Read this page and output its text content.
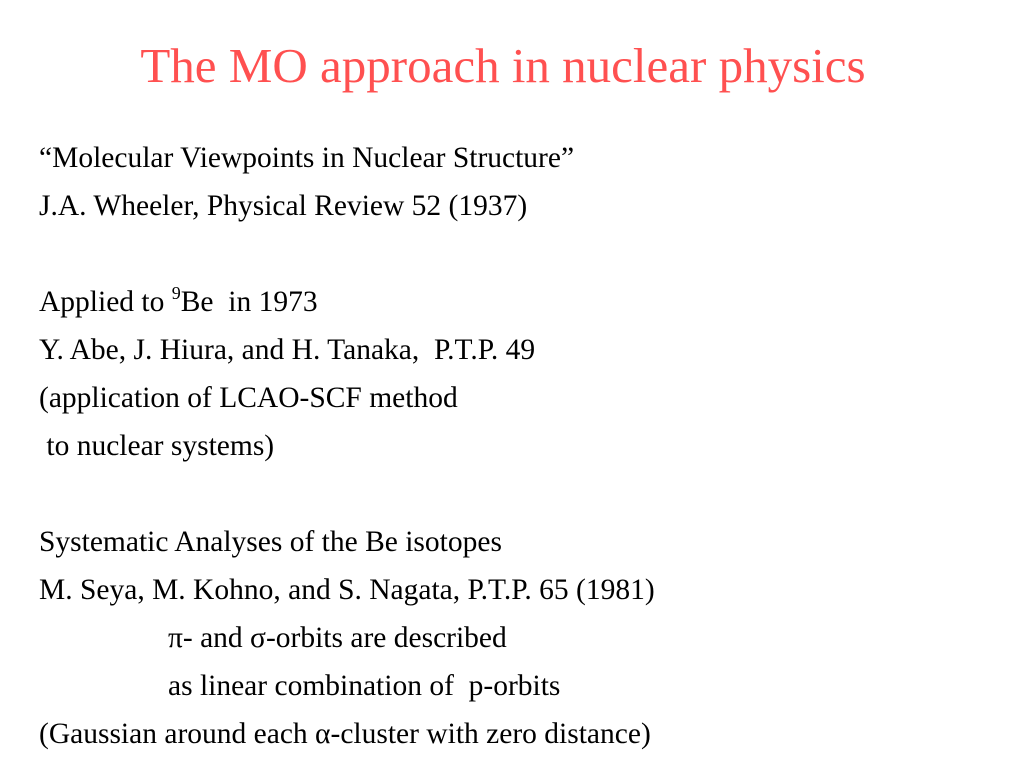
The MO approach in nuclear physics
“Molecular Viewpoints in Nuclear Structure”
J.A. Wheeler, Physical Review 52 (1937)
Applied to $^9$Be  in 1973
Y. Abe, J. Hiura, and H. Tanaka,  P.T.P. 49
(application of LCAO-SCF method
to nuclear systems)
Systematic Analyses of the Be isotopes
M. Seya, M. Kohno, and S. Nagata, P.T.P. 65 (1981)
π- and σ-orbits are described
as linear combination of  p-orbits
(Gaussian around each α-cluster with zero distance)
